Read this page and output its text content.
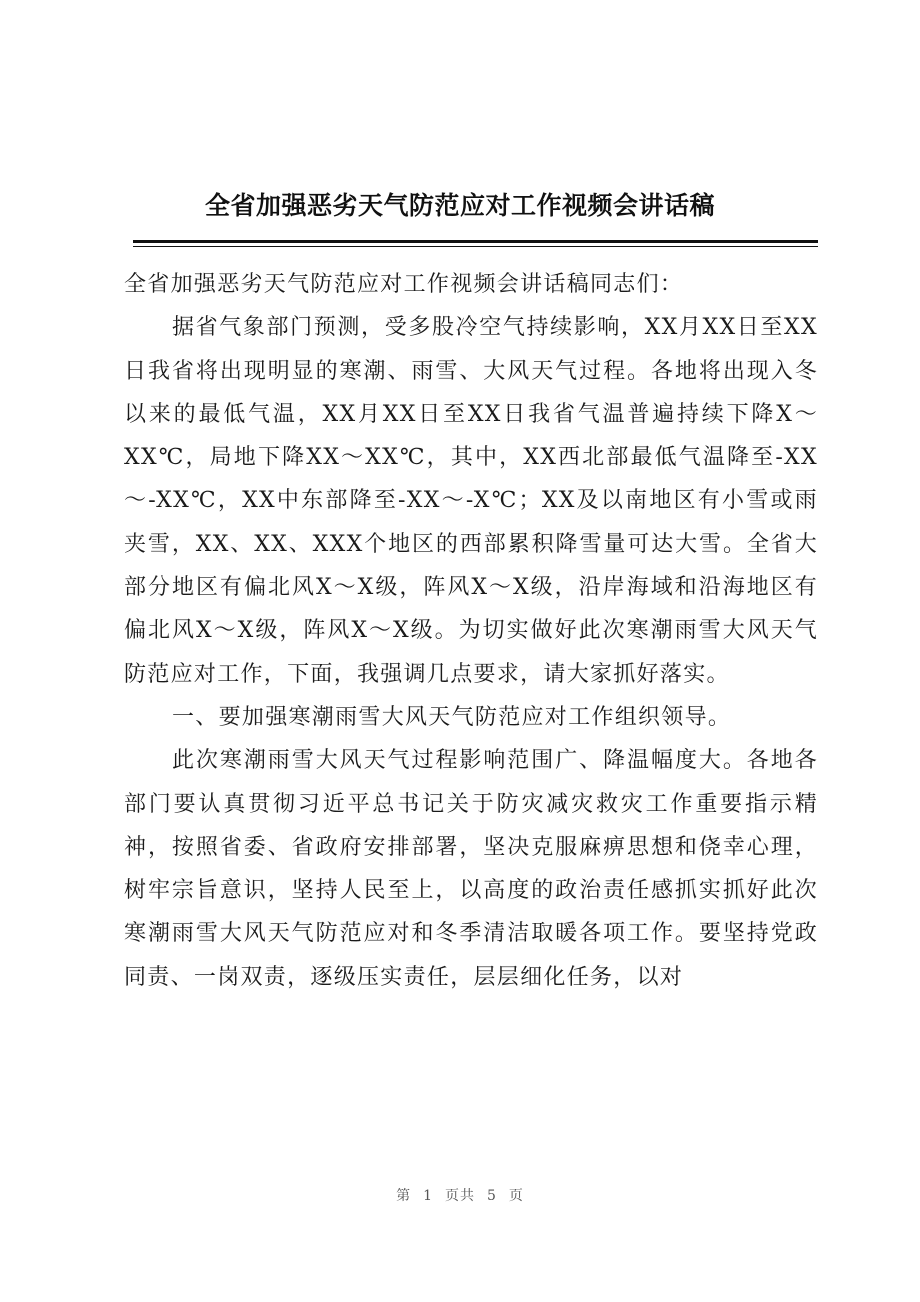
全省加强恶劣天气防范应对工作视频会讲话稿

全省加强恶劣天气防范应对工作视频会讲话稿同志们：

据省气象部门预测，受多股冷空气持续影响，XX月XX日至XX日我省将出现明显的寒潮、雨雪、大风天气过程。各地将出现入冬以来的最低气温，XX月XX日至XX日我省气温普遍持续下降X～XX℃，局地下降XX～XX℃，其中，XX西北部最低气温降至-XX～-XX℃，XX中东部降至-XX～-X℃；XX及以南地区有小雪或雨夹雪，XX、XX、XXX个地区的西部累积降雪量可达大雪。全省大部分地区有偏北风X～X级，阵风X～X级，沿岸海域和沿海地区有偏北风X～X级，阵风X～X级。为切实做好此次寒潮雨雪大风天气防范应对工作，下面，我强调几点要求，请大家抓好落实。

一、要加强寒潮雨雪大风天气防范应对工作组织领导。

此次寒潮雨雪大风天气过程影响范围广、降温幅度大。各地各部门要认真贯彻习近平总书记关于防灾减灾救灾工作重要指示精神，按照省委、省政府安排部署，坚决克服麻痹思想和侥幸心理，树牢宗旨意识，坚持人民至上，以高度的政治责任感抓实抓好此次寒潮雨雪大风天气防范应对和冬季清洁取暖各项工作。要坚持党政同责、一岗双责，逐级压实责任，层层细化任务，以对

第 1 页共 5 页
